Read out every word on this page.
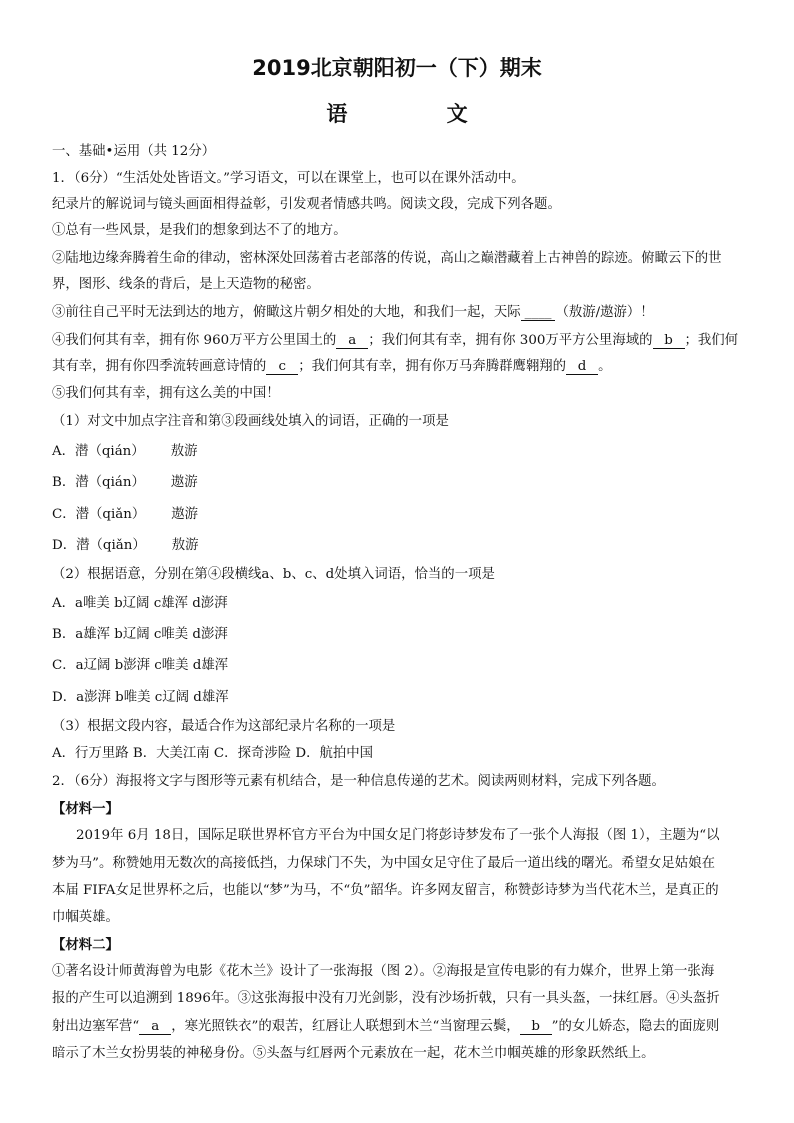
2019北京朝阳初一（下）期末
语 文
一、基础•运用（共 12分）
1．（6分）“生活处处皆语文。”学习语文，可以在课堂上，也可以在课外活动中。
纪录片的解说词与镜头画面相得益彰，引发观者情感共鸣。阅读文段，完成下列各题。
①总有一些风景，是我们的想象到达不了的地方。
②陆地边缘奔腾着生命的律动，密林深处回荡着古老部落的传说，高山之巅潜藏着上古神兽的踪迹。俯瞰云下的世
界，图形、线条的背后，是上天造物的秘密。
③前往自己平时无法到达的地方，俯瞰这片朝夕相处的大地，和我们一起，天际 ____ （敖游/遨游）！
④我们何其有幸，拥有你 960万平方公里国土的 a ；我们何其有幸，拥有你 300万平方公里海域的 b ；我们何
其有幸，拥有你四季流转画意诗情的 c ；我们何其有幸，拥有你万马奔腾群鹰翱翔的 d 。
⑤我们何其有幸，拥有这么美的中国！
（1）对文中加点字注音和第③段画线处填入的词语，正确的一项是
A．潜（qián） 敖游
B．潜（qián） 遨游
C．潜（qiǎn） 遨游
D．潜（qiǎn） 敖游
（2）根据语意，分别在第④段横线a、b、c、d处填入词语，恰当的一项是
A．a唯美 b辽阔 c雄浑 d澎湃
B．a雄浑 b辽阔 c唯美 d澎湃
C．a辽阔 b澎湃 c唯美 d雄浑
D．a澎湃 b唯美 c辽阔 d雄浑
（3）根据文段内容，最适合作为这部纪录片名称的一项是
A．行万里路 B．大美江南 C．探奇涉险 D．航拍中国
2．（6分）海报将文字与图形等元素有机结合，是一种信息传递的艺术。阅读两则材料，完成下列各题。
【材料一】
2019年 6月 18日，国际足联世界杯官方平台为中国女足门将彭诗梦发布了一张个人海报（图 1），主题为“以
梦为马”。称赞她用无数次的高接低挡，力保球门不失，为中国女足守住了最后一道出线的曙光。希望女足姑娘在
本届 FIFA女足世界杯之后，也能以“梦”为马，不“负”韶华。许多网友留言，称赞彭诗梦为当代花木兰，是真正的
巾帼英雄。
【材料二】
①著名设计师黄海曾为电影《花木兰》设计了一张海报（图 2）。②海报是宣传电影的有力媒介，世界上第一张海
报的产生可以追溯到 1896年。③这张海报中没有刀光剑影，没有沙场折戟，只有一具头盔，一抹红唇。④头盔折
射出边塞军营“ a ，寒光照铁衣”的艰苦，红唇让人联想到木兰“当窗理云鬓， b ”的女儿娇态，隐去的面庞则
暗示了木兰女扮男装的神秘身份。⑤头盔与红唇两个元素放在一起，花木兰巾帼英雄的形象跃然纸上。
